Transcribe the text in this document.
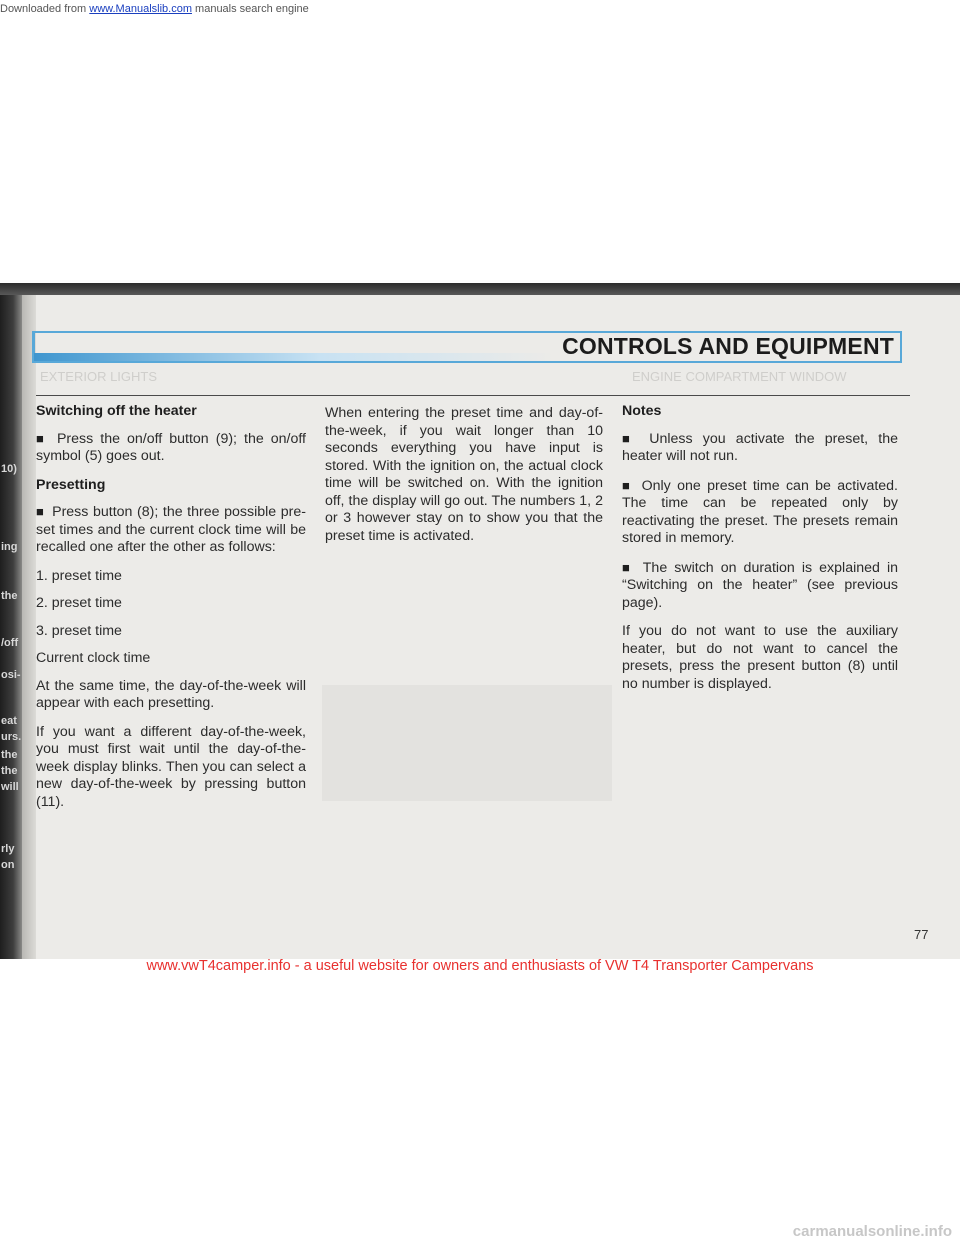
Downloaded from www.Manualslib.com manuals search engine
10)
ing
the
/off
osi-
eat
urs.
the
the
will
rly
on
CONTROLS AND EQUIPMENT
EXTERIOR LIGHTS	ENGINE COMPARTMENT WINDOW
Switching off the heater

■ Press the on/off button (9); the on/off symbol (5) goes out.

Presetting

■ Press button (8); the three possible pre-set times and the current clock time will be recalled one after the other as follows:

1. preset time
2. preset time
3. preset time
Current clock time

At the same time, the day-of-the-week will appear with each presetting.

If you want a different day-of-the-week, you must first wait until the day-of-the-week display blinks. Then you can select a new day-of-the-week by pressing button (11).

When entering the preset time and day-of-the-week, if you wait longer than 10 seconds everything you have input is stored. With the ignition on, the actual clock time will be switched on. With the ignition off, the display will go out. The numbers 1, 2 or 3 however stay on to show you that the preset time is activated.

Notes

■ Unless you activate the preset, the heater will not run.

■ Only one preset time can be activated. The time can be repeated only by reactivating the preset. The presets remain stored in memory.

■ The switch on duration is explained in “Switching on the heater” (see previous page).

If you do not want to use the auxiliary heater, but do not want to cancel the presets, press the present button (8) until no number is displayed.

77
www.vwT4camper.info - a useful website for owners and enthusiasts of VW T4 Transporter Campervans
carmanualsonline.info
